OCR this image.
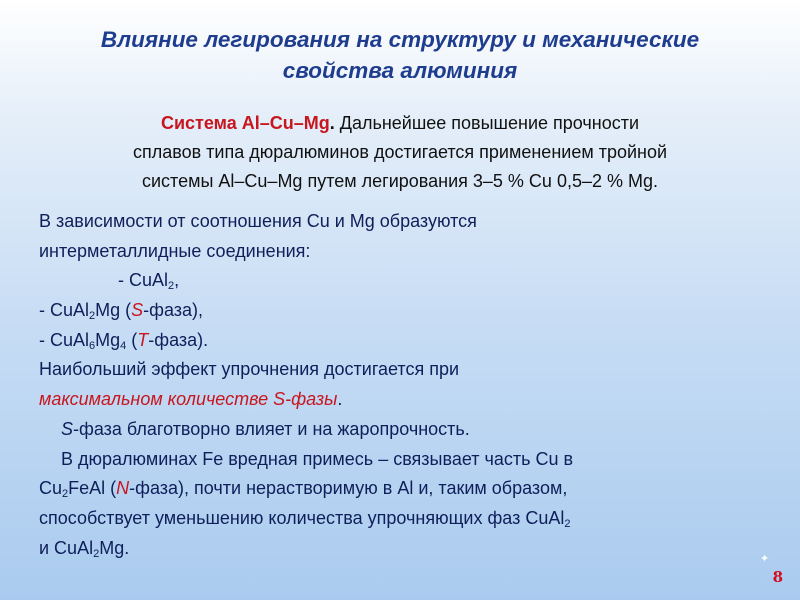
Влияние легирования на структуру и механические
свойства алюминия
Система Al–Cu–Mg. Дальнейшее повышение прочности
сплавов типа дюралюминов достигается применением тройной
системы Al–Cu–Mg путем легирования 3–5 % Cu 0,5–2 % Mg.
В зависимости от соотношения Cu и Mg образуются
интерметаллидные соединения:
- CuAl$_2$,
- CuAl$_2$Mg (S-фаза),
- $CuAl_6Mg_4$ (T-фаза).
Наибольший эффект упрочнения достигается при
максимальном количестве S-фазы.
S-фаза благотворно влияет и на жаропрочность.
В дюралюминах Fe вредная примесь – связывает часть Cu в
$Cu_2FeAl$ (N-фаза), почти нерастворимую в Al и, таким образом,
способствует уменьшению количества упрочняющих фаз CuAl$_2$
и CuAl$_2$Mg.
✦
8
